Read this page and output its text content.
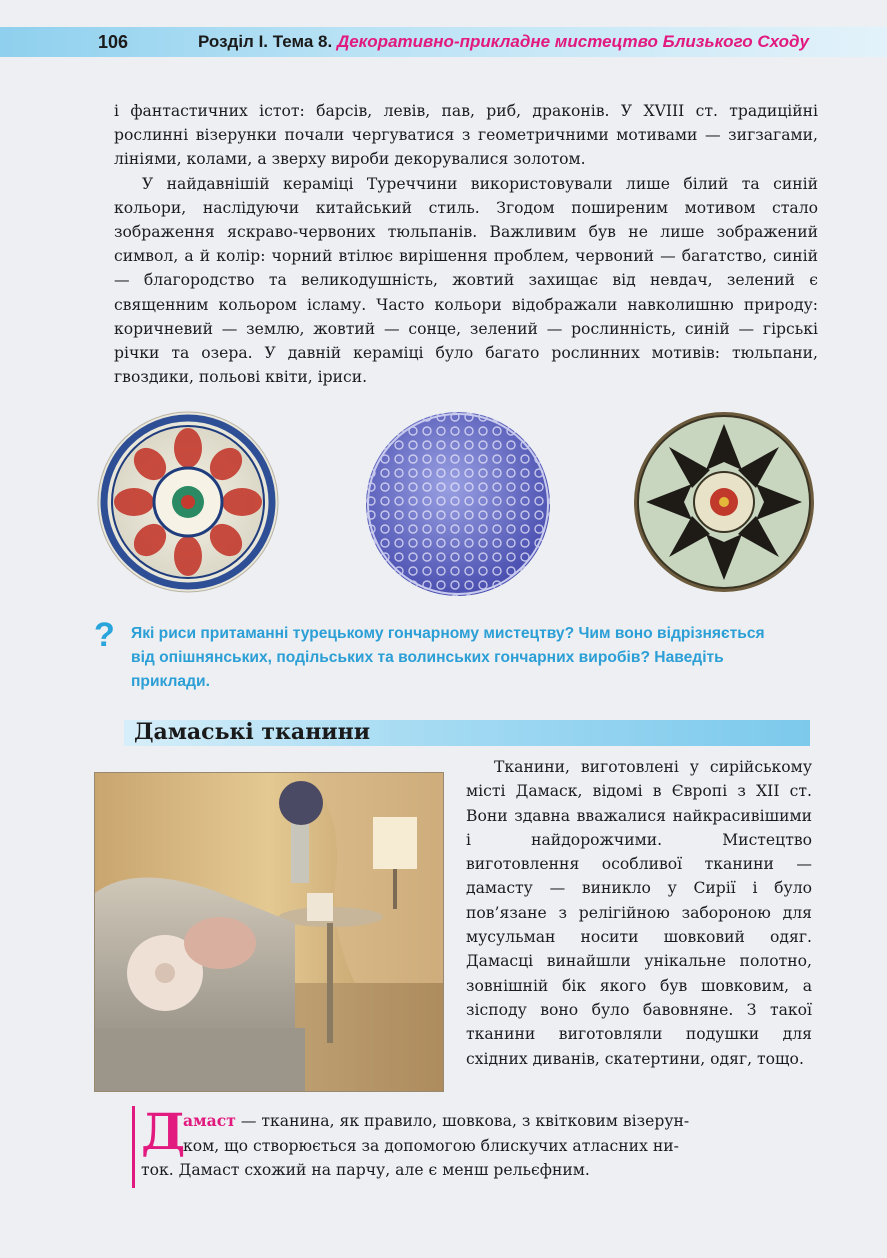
106	Розділ І. Тема 8. Декоративно-прикладне мистецтво Близького Сходу

і фантастичних істот: барсів, левів, пав, риб, драконів. У XVIII ст. традиційні рослинні візерунки почали чергуватися з геометричними мотивами — зигзагами, лініями, колами, а зверху вироби декорувалися золотом.

У найдавнішій кераміці Туреччини використовували лише білий та синій кольори, наслідуючи китайський стиль. Згодом поширеним мотивом стало зображення яскраво-червоних тюльпанів. Важливим був не лише зображений символ, а й колір: чорний втілює вирішення проблем, червоний — багатство, синій — благородство та великодушність, жовтий захищає від невдач, зелений є священним кольором ісламу. Часто кольори відображали навколишню природу: коричневий — землю, жовтий — сонце, зелений — рослинність, синій — гірські річки та озера. У давній кераміці було багато рослинних мотивів: тюльпани, гвоздики, польові квіти, іриси.

? Які риси притаманні турецькому гончарному мистецтву? Чим воно відрізняється від опішнянських, подільських та волинських гончарних виробів? Наведіть приклади.

Дамаські тканини

Тканини, виготовлені у сирійському місті Дамаск, відомі в Європі з XII ст. Вони здавна вважалися найкрасивішими і найдорожчими. Мистецтво виготовлення особливої тканини — дамасту — виникло у Сирії і було пов’язане з релігійною забороною для мусульман носити шовковий одяг. Дамасці винайшли унікальне полотно, зовнішній бік якого був шовковим, а зісподу воно було бавовняне. З такої тканини виготовляли подушки для східних диванів, скатертини, одяг, тощо.

Д

амаст — тканина, як правило, шовкова, з квітковим візерун-
ком, що створюється за допомогою блискучих атласних ни-
ток. Дамаст схожий на парчу, але є менш рельєфним.
